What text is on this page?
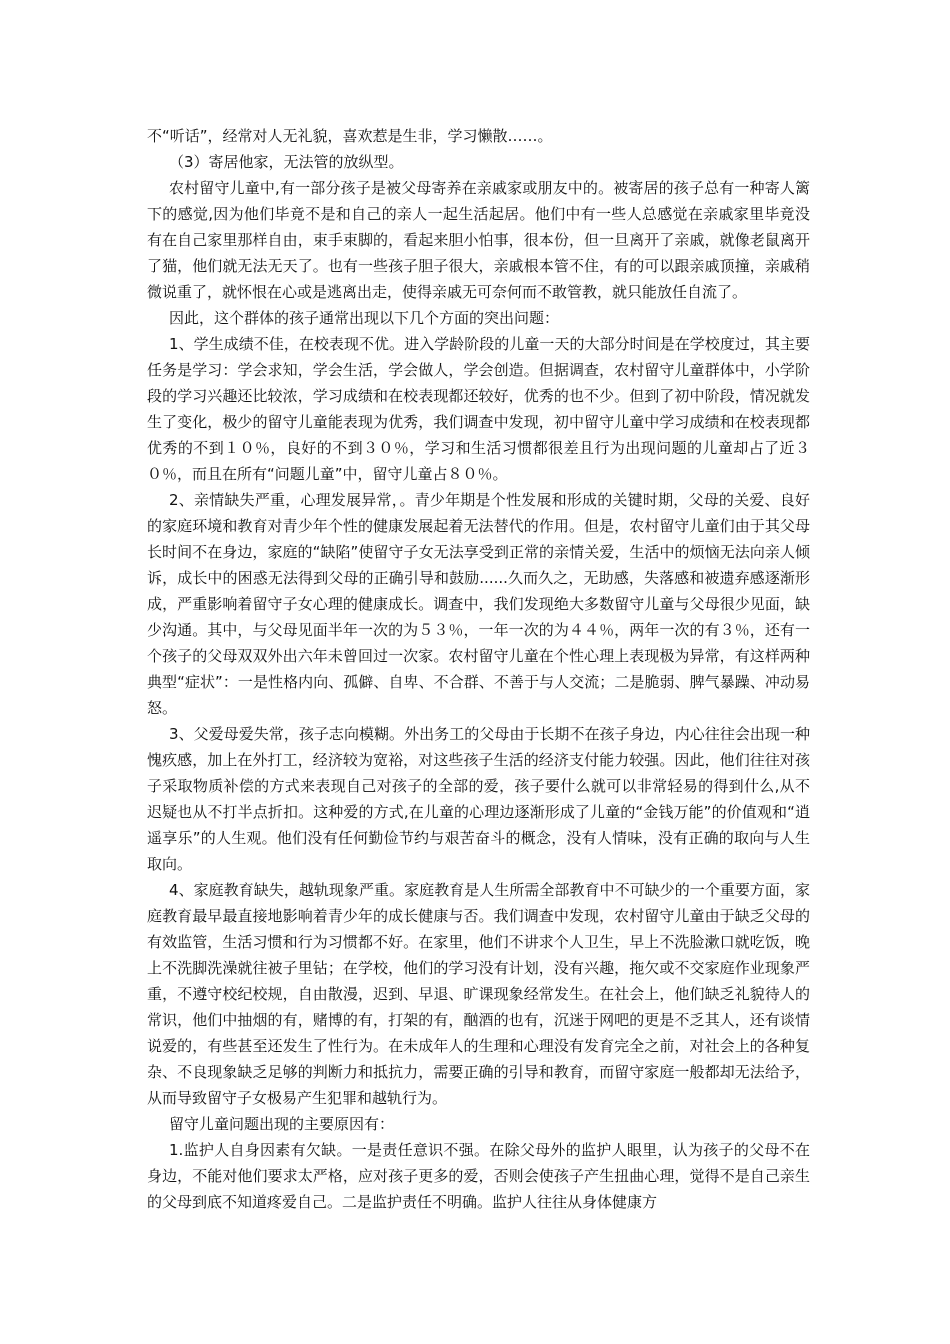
不“听话”，经常对人无礼貌，喜欢惹是生非，学习懒散……。

（3）寄居他家，无法管的放纵型。

农村留守儿童中,有一部分孩子是被父母寄养在亲戚家或朋友中的。被寄居的孩子总有一种寄人篱下的感觉,因为他们毕竟不是和自己的亲人一起生活起居。他们中有一些人总感觉在亲戚家里毕竟没有在自己家里那样自由，束手束脚的，看起来胆小怕事，很本份，但一旦离开了亲戚，就像老鼠离开了猫，他们就无法无天了。也有一些孩子胆子很大，亲戚根本管不住，有的可以跟亲戚顶撞，亲戚稍微说重了，就怀恨在心或是逃离出走，使得亲戚无可奈何而不敢管教，就只能放任自流了。

因此，这个群体的孩子通常出现以下几个方面的突出问题：

1、学生成绩不佳，在校表现不优。进入学龄阶段的儿童一天的大部分时间是在学校度过，其主要任务是学习：学会求知，学会生活，学会做人，学会创造。但据调查，农村留守儿童群体中，小学阶段的学习兴趣还比较浓，学习成绩和在校表现都还较好，优秀的也不少。但到了初中阶段，情况就发生了变化，极少的留守儿童能表现为优秀，我们调查中发现，初中留守儿童中学习成绩和在校表现都优秀的不到１０％，良好的不到３０％，学习和生活习惯都很差且行为出现问题的儿童却占了近３０％，而且在所有“问题儿童”中，留守儿童占８０％。

2、亲情缺失严重，心理发展异常，。青少年期是个性发展和形成的关键时期，父母的关爱、良好的家庭环境和教育对青少年个性的健康发展起着无法替代的作用。但是，农村留守儿童们由于其父母长时间不在身边，家庭的“缺陷”使留守子女无法享受到正常的亲情关爱，生活中的烦恼无法向亲人倾诉，成长中的困惑无法得到父母的正确引导和鼓励......久而久之，无助感，失落感和被遗弃感逐渐形成，严重影响着留守子女心理的健康成长。调查中，我们发现绝大多数留守儿童与父母很少见面，缺少沟通。其中，与父母见面半年一次的为５３％，一年一次的为４４％，两年一次的有３％，还有一个孩子的父母双双外出六年未曾回过一次家。农村留守儿童在个性心理上表现极为异常，有这样两种典型“症状”：一是性格内向、孤僻、自卑、不合群、不善于与人交流；二是脆弱、脾气暴躁、冲动易怒。

3、父爱母爱失常，孩子志向模糊。外出务工的父母由于长期不在孩子身边，内心往往会出现一种愧疚感，加上在外打工，经济较为宽裕，对这些孩子生活的经济支付能力较强。因此，他们往往对孩子采取物质补偿的方式来表现自己对孩子的全部的爱，孩子要什么就可以非常轻易的得到什么,从不迟疑也从不打半点折扣。这种爱的方式,在儿童的心理边逐渐形成了儿童的“金钱万能”的价值观和“逍遥享乐”的人生观。他们没有任何勤俭节约与艰苦奋斗的概念，没有人情味，没有正确的取向与人生取向。

4、家庭教育缺失，越轨现象严重。家庭教育是人生所需全部教育中不可缺少的一个重要方面，家庭教育最早最直接地影响着青少年的成长健康与否。我们调查中发现，农村留守儿童由于缺乏父母的有效监管，生活习惯和行为习惯都不好。在家里，他们不讲求个人卫生，早上不洗脸漱口就吃饭，晚上不洗脚洗澡就往被子里钻；在学校，他们的学习没有计划，没有兴趣，拖欠或不交家庭作业现象严重，不遵守校纪校规，自由散漫，迟到、早退、旷课现象经常发生。在社会上，他们缺乏礼貌待人的常识，他们中抽烟的有，赌博的有，打架的有，酗酒的也有，沉迷于网吧的更是不乏其人，还有谈情说爱的，有些甚至还发生了性行为。在未成年人的生理和心理没有发育完全之前，对社会上的各种复杂、不良现象缺乏足够的判断力和抵抗力，需要正确的引导和教育，而留守家庭一般都却无法给予，从而导致留守子女极易产生犯罪和越轨行为。

留守儿童问题出现的主要原因有：

1.监护人自身因素有欠缺。一是责任意识不强。在除父母外的监护人眼里，认为孩子的父母不在身边，不能对他们要求太严格，应对孩子更多的爱，否则会使孩子产生扭曲心理，觉得不是自己亲生的父母到底不知道疼爱自己。二是监护责任不明确。监护人往往从身体健康方
